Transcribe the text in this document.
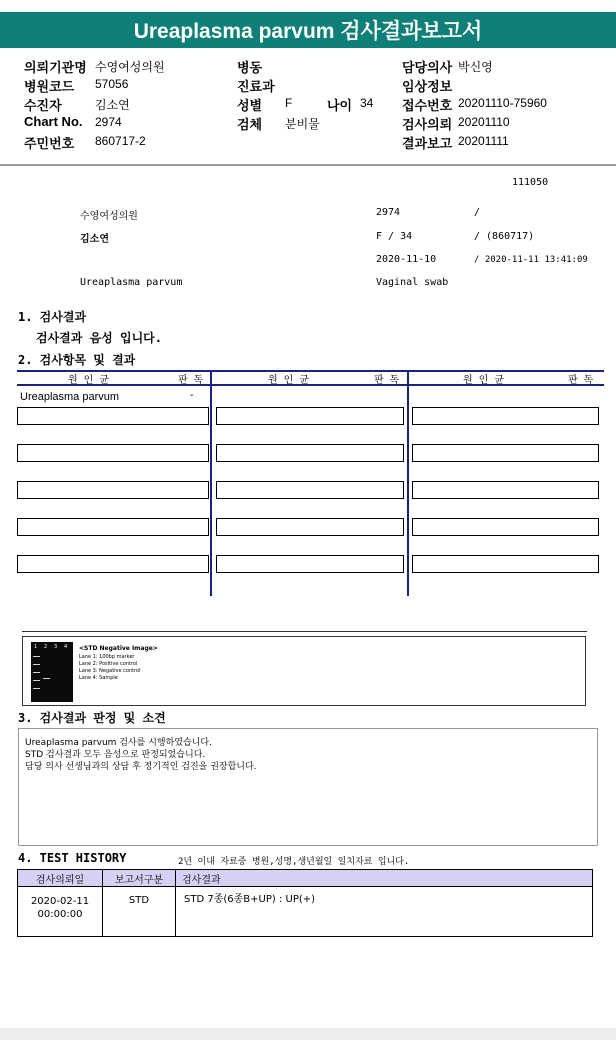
Ureaplasma parvum 검사결과보고서
의뢰기관명 수영여성의원	병동	담당의사 박신영
병원코드 57056	진료과	임상정보
수진자	김소연	성별 F	나이 34 접수번호 20201110-75960
Chart No. 2974	검체 분비물	검사의뢰 20201110
주민번호 860717-2	결과보고 20201111
111050
수영여성의원	2974	/
김소연	F / 34	/ (860717)
2020-11-10	/ 2020-11-11 13:41:09
Ureaplasma parvum	Vaginal swab
1. 검사결과
검사결과 음성 입니다.
2. 검사항목 및 결과
원 인 균	판 독	원 인 균	판 독	원 인 균	판 독
Ureaplasma parvum	-
1 2 3 4 <STD Negative Image>
Lane 1: 100bp marker
Lane 2: Positive control
Lane 3: Negative control
Lane 4: Sample
3. 검사결과 판정 및 소견
Ureaplasma parvum 검사를 시행하였습니다.
STD 검사결과 모두 음성으로 판정되었습니다.
담당 의사 선생님과의 상담 후 정기적인 검진을 권장합니다.
4. TEST HISTORY	2년 이내 자료중 병원,성명,생년월일 일치자료 입니다.
검사의뢰일	보고서구분	검사결과

2020-02-11
00:00:00	STD	STD 7종(6종B+UP) : UP(+)
